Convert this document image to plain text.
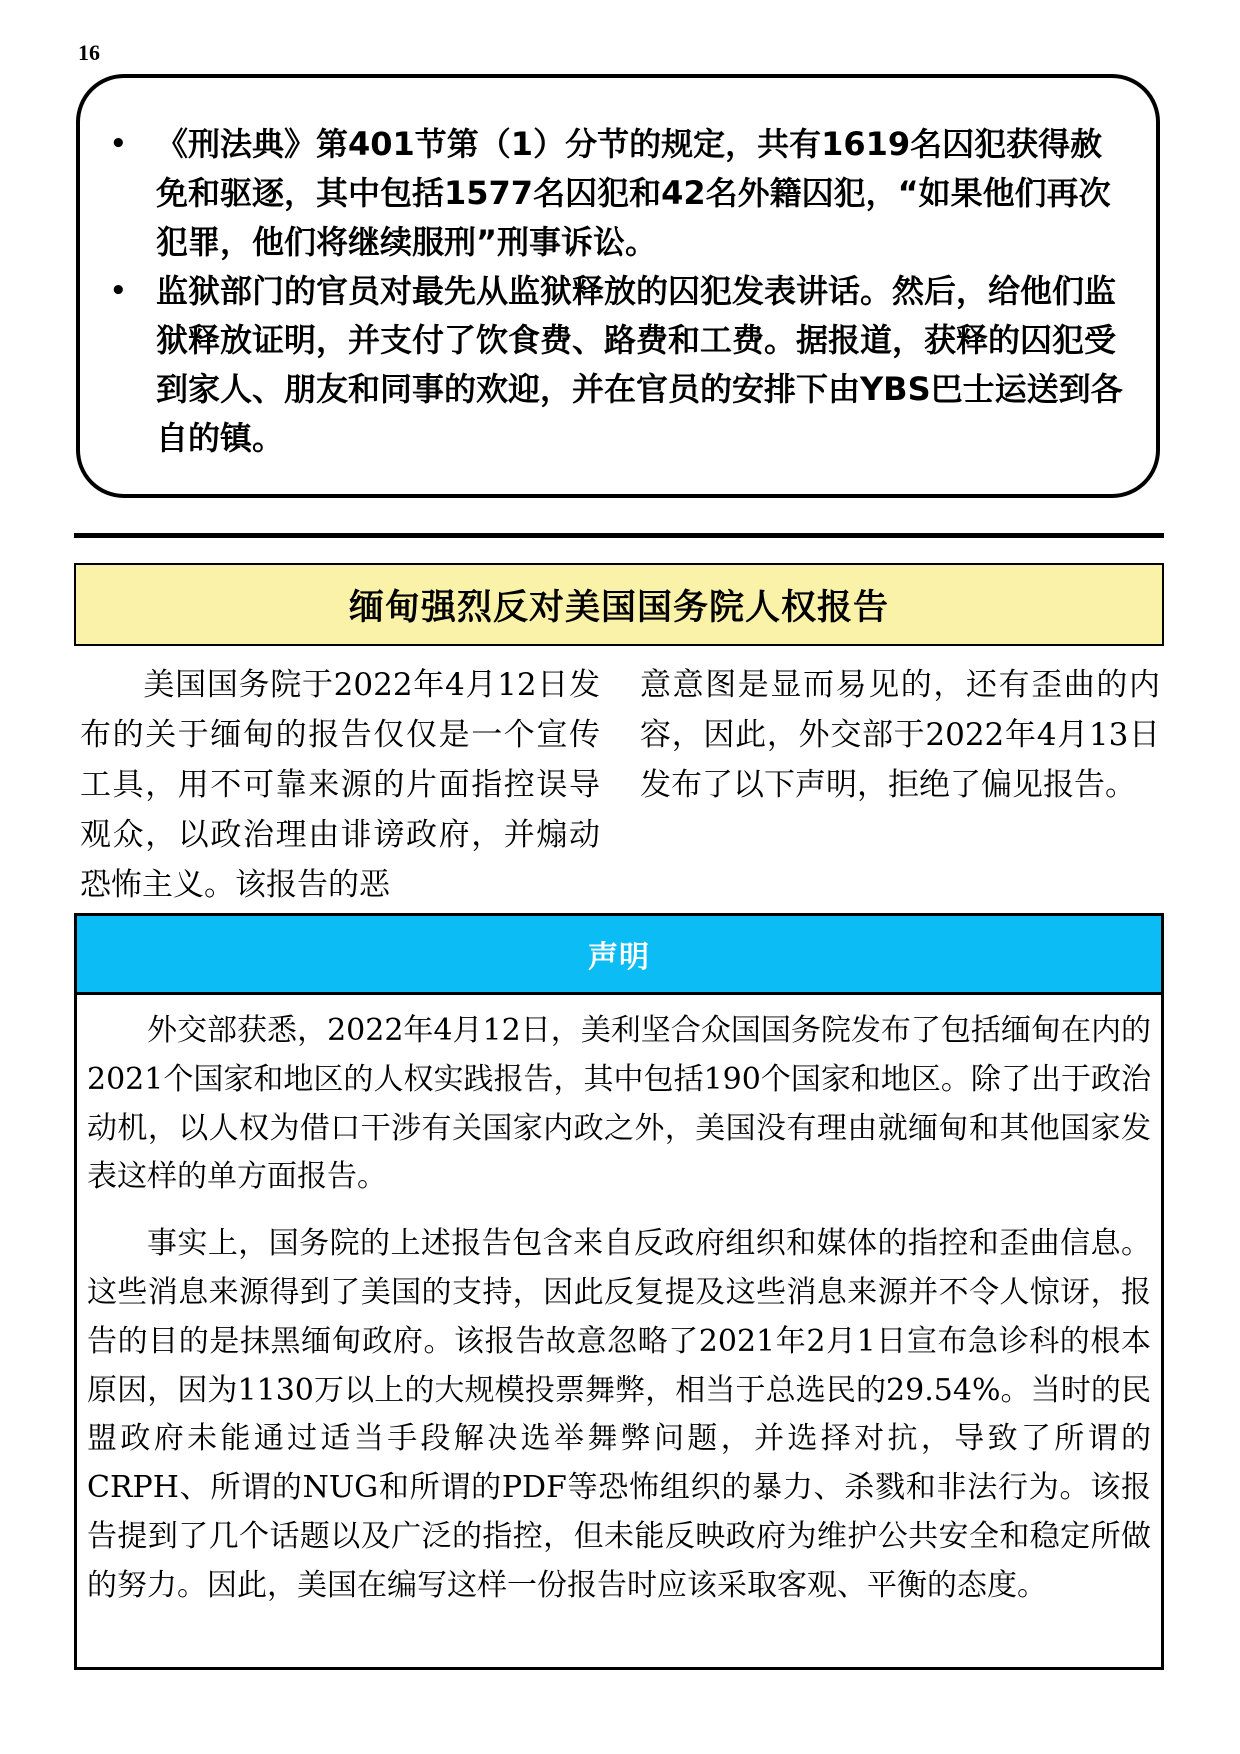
16
• 《刑法典》第401节第（1）分节的规定，共有1619名囚犯获得赦免和驱逐，其中包括1577名囚犯和42名外籍囚犯，“如果他们再次犯罪，他们将继续服刑”刑事诉讼。
• 监狱部门的官员对最先从监狱释放的囚犯发表讲话。然后，给他们监狱释放证明，并支付了饮食费、路费和工费。据报道，获释的囚犯受到家人、朋友和同事的欢迎，并在官员的安排下由YBS巴士运送到各自的镇。
缅甸强烈反对美国国务院人权报告
　　美国国务院于2022年4月12日发布的关于缅甸的报告仅仅是一个宣传工具，用不可靠来源的片面指控误导观众，以政治理由诽谤政府，并煽动恐怖主义。该报告的恶
意意图是显而易见的，还有歪曲的内容，因此，外交部于2022年4月13日发布了以下声明，拒绝了偏见报告。
声明

外交部获悉，2022年4月12日，美利坚合众国国务院发布了包括缅甸在内的2021个国家和地区的人权实践报告，其中包括190个国家和地区。除了出于政治动机，以人权为借口干涉有关国家内政之外，美国没有理由就缅甸和其他国家发表这样的单方面报告。

事实上，国务院的上述报告包含来自反政府组织和媒体的指控和歪曲信息。这些消息来源得到了美国的支持，因此反复提及这些消息来源并不令人惊讶，报告的目的是抹黑缅甸政府。该报告故意忽略了2021年2月1日宣布急诊科的根本原因，因为1130万以上的大规模投票舞弊，相当于总选民的29.54%。当时的民盟政府未能通过适当手段解决选举舞弊问题，并选择对抗，导致了所谓的CRPH、所谓的NUG和所谓的PDF等恐怖组织的暴力、杀戮和非法行为。该报告提到了几个话题以及广泛的指控，但未能反映政府为维护公共安全和稳定所做的努力。因此，美国在编写这样一份报告时应该采取客观、平衡的态度。
